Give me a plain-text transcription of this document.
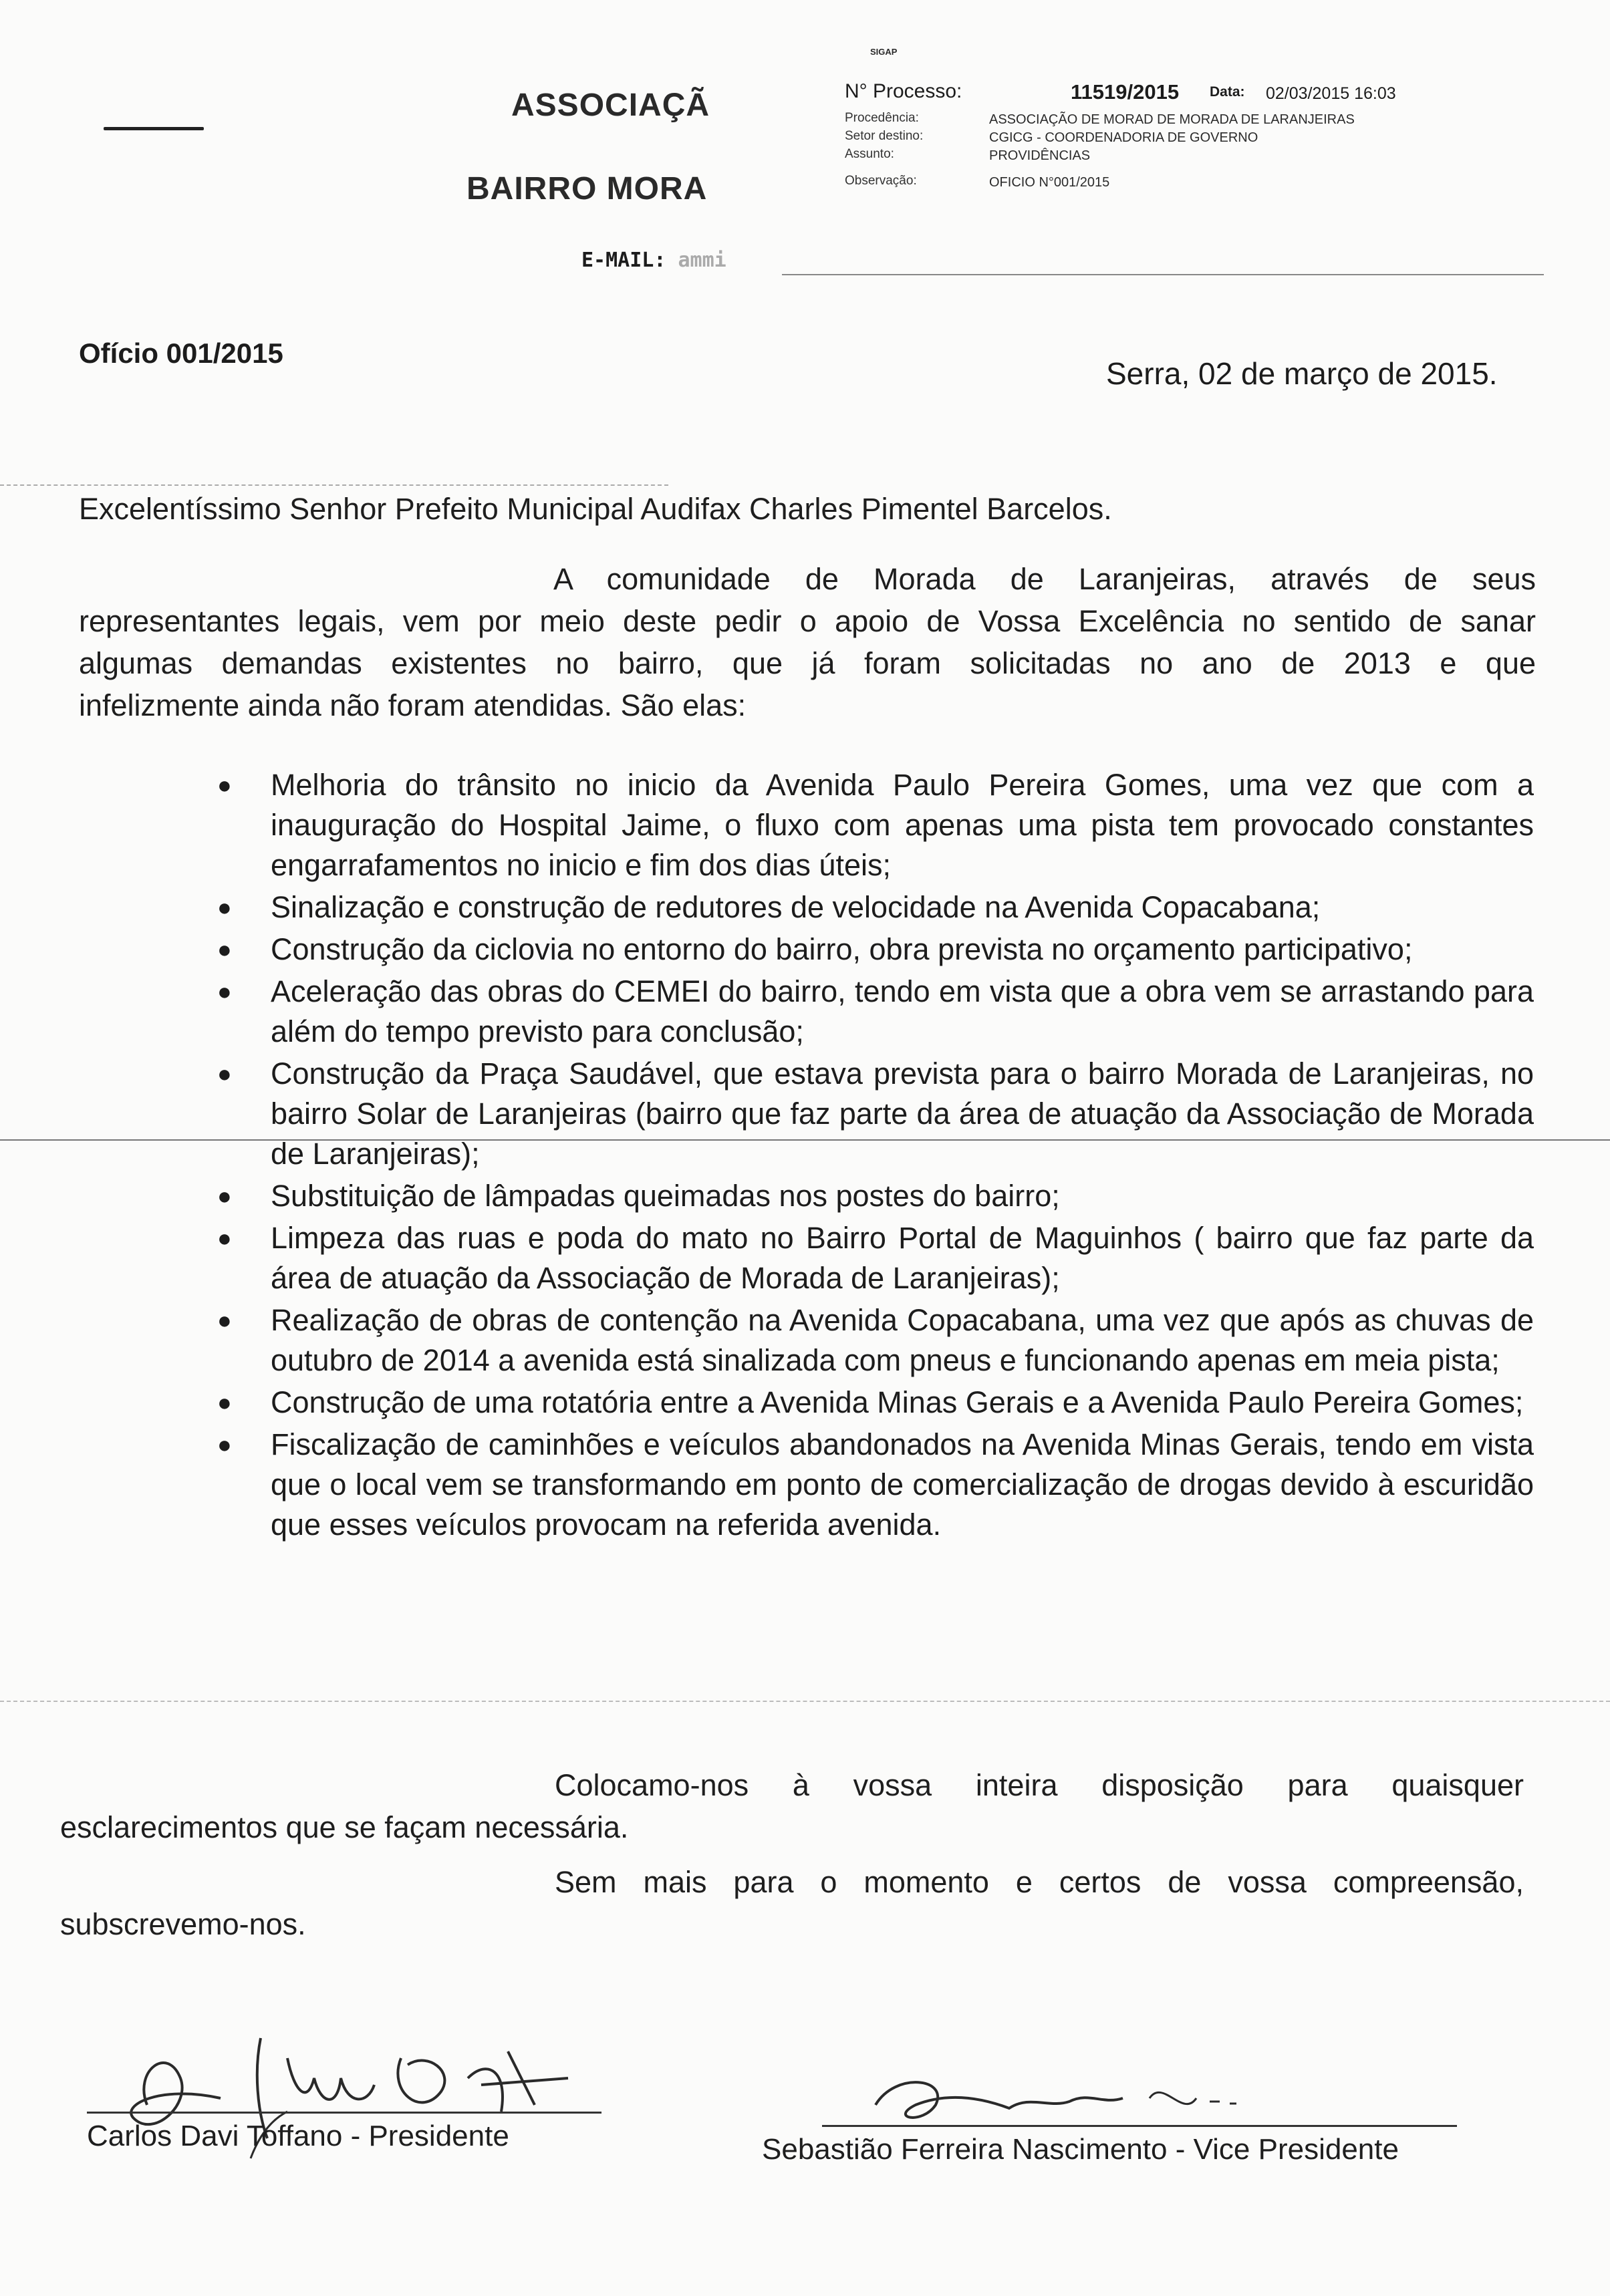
ASSOCIAÇÃ
BAIRRO MORA
E-MAIL: ammi
SIGAP
N° Processo:	11519/2015 Data: 02/03/2015 16:03
Procedência:	ASSOCIAÇÃO DE MORAD DE MORADA DE LARANJEIRAS
Setor destino:	CGICG - COORDENADORIA DE GOVERNO
Assunto:	PROVIDÊNCIAS
Observação:	OFICIO N°001/2015
Ofício 001/2015
Serra, 02 de março de 2015.
Excelentíssimo Senhor Prefeito Municipal Audifax Charles Pimentel Barcelos.
A comunidade de Morada de Laranjeiras, através de seus
representantes legais, vem por meio deste pedir o apoio de Vossa Excelência no sentido de sanar
algumas demandas existentes no bairro, que já foram solicitadas no ano de 2013 e que
infelizmente ainda não foram atendidas. São elas:
● Melhoria do trânsito no inicio da Avenida Paulo Pereira Gomes, uma vez que com a inauguração do Hospital Jaime, o fluxo com apenas uma pista tem provocado constantes engarrafamentos no inicio e fim dos dias úteis;
● Sinalização e construção de redutores de velocidade na Avenida Copacabana;
● Construção da ciclovia no entorno do bairro, obra prevista no orçamento participativo;
● Aceleração das obras do CEMEI do bairro, tendo em vista que a obra vem se arrastando para além do tempo previsto para conclusão;
● Construção da Praça Saudável, que estava prevista para o bairro Morada de Laranjeiras, no bairro Solar de Laranjeiras (bairro que faz parte da área de atuação da Associação de Morada de Laranjeiras);
● Substituição de lâmpadas queimadas nos postes do bairro;
● Limpeza das ruas e poda do mato no Bairro Portal de Maguinhos ( bairro que faz parte da área de atuação da Associação de Morada de Laranjeiras);
● Realização de obras de contenção na Avenida Copacabana, uma vez que após as chuvas de outubro de 2014 a avenida está sinalizada com pneus e funcionando apenas em meia pista;
● Construção de uma rotatória entre a Avenida Minas Gerais e a Avenida Paulo Pereira Gomes;
● Fiscalização de caminhões e veículos abandonados na Avenida Minas Gerais, tendo em vista que o local vem se transformando em ponto de comercialização de drogas devido à escuridão que esses veículos provocam na referida avenida.
Colocamo-nos à vossa inteira disposição para quaisquer
esclarecimentos que se façam necessária.
Sem mais para o momento e certos de vossa compreensão,
subscrevemo-nos.
Carlos Davi Toffano - Presidente	Sebastião Ferreira Nascimento - Vice Presidente
